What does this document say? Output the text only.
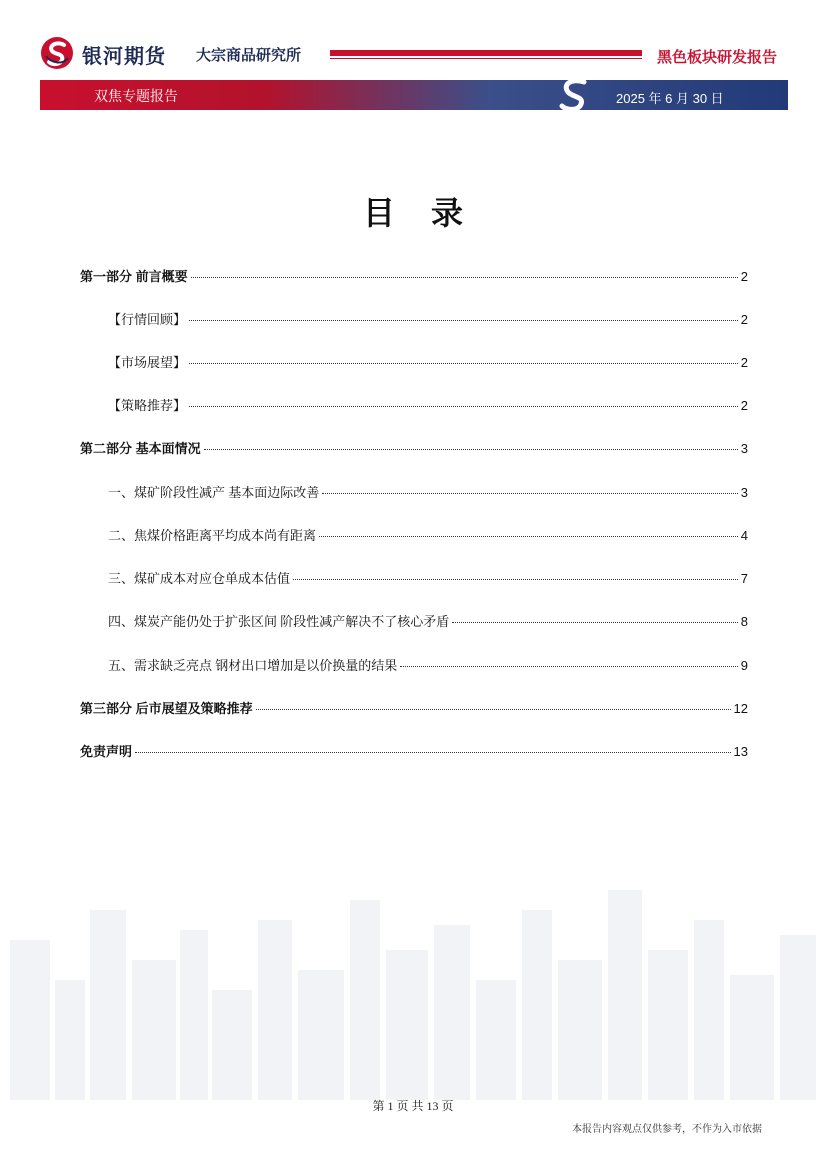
银河期货 大宗商品研究所	黑色板块研发报告
双焦专题报告	2025 年 6 月 30 日
目录
第一部分 前言概要	2
【行情回顾】	2
【市场展望】	2
【策略推荐】	2
第二部分 基本面情况	3
一、煤矿阶段性减产 基本面边际改善	3
二、焦煤价格距离平均成本尚有距离	4
三、煤矿成本对应仓单成本估值	7
四、煤炭产能仍处于扩张区间 阶段性减产解决不了核心矛盾	8
五、需求缺乏亮点 钢材出口增加是以价换量的结果	9
第三部分 后市展望及策略推荐	12
免责声明	13
第 1 页 共 13 页
本报告内容观点仅供参考，不作为入市依据
